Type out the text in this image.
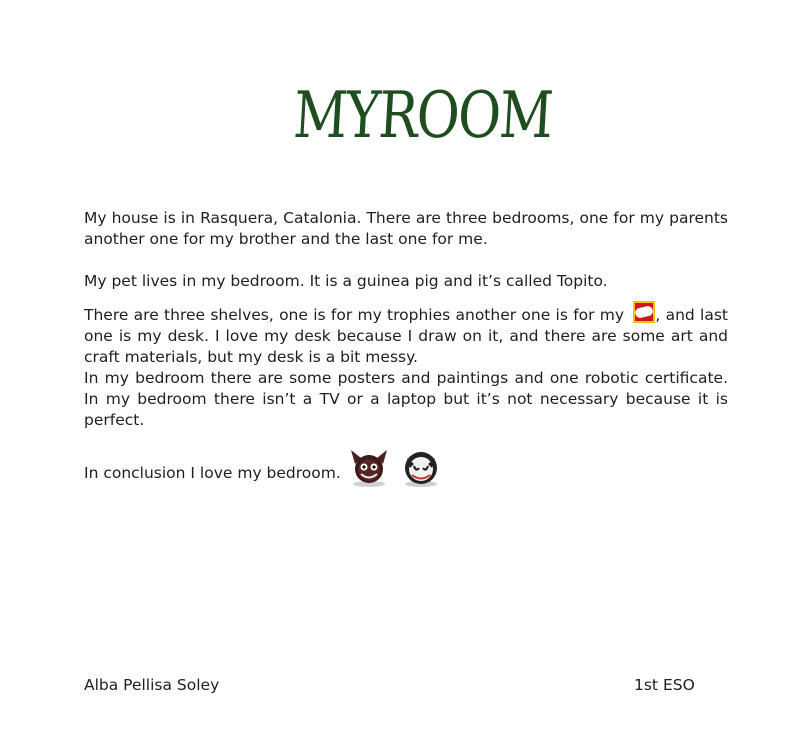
MYROOM

My house is in Rasquera, Catalonia. There are three bedrooms, one for my parents another one for my brother and the last one for me.

My pet lives in my bedroom. It is a guinea pig and it’s called Topito.

There are three shelves, one is for my trophies another one is for my
, and last one is my desk. I love my desk because I draw on it, and there are some art and craft materials, but my desk is a bit messy.

In my bedroom there are some posters and paintings and one robotic certificate. In my bedroom there isn’t a TV or a laptop but it’s not necessary because it is perfect.

In conclusion I love my bedroom.
Alba Pellisa Soley	1st ESO
